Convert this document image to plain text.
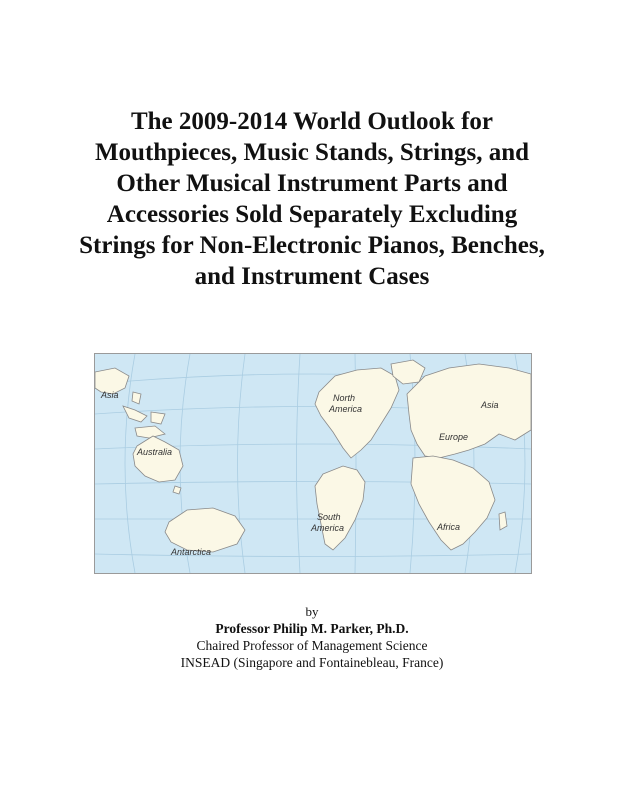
The 2009-2014 World Outlook for
Mouthpieces, Music Stands, Strings, and
Other Musical Instrument Parts and
Accessories Sold Separately Excluding
Strings for Non-Electronic Pianos, Benches,
and Instrument Cases
Asia
Australia
Antarctica
North
America
South
America
Asia
Europe
Africa
by
Professor Philip M. Parker, Ph.D.
Chaired Professor of Management Science
INSEAD (Singapore and Fontainebleau, France)
